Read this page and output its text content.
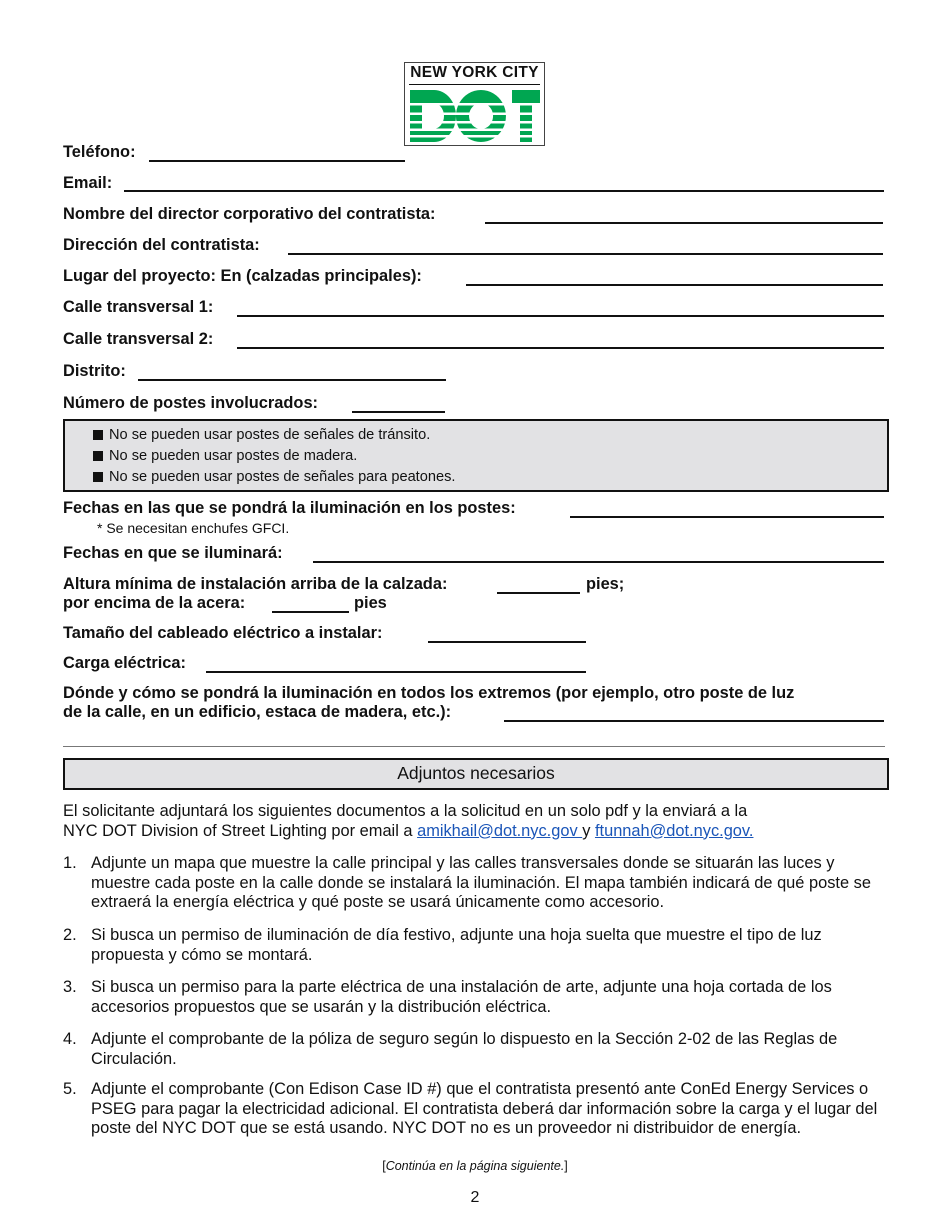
NEW YORK CITY
Teléfono:
Email:
Nombre del director corporativo del contratista:
Dirección del contratista:
Lugar del proyecto: En (calzadas principales):
Calle transversal 1:
Calle transversal 2:
Distrito:
Número de postes involucrados:
No se pueden usar postes de señales de tránsito.
No se pueden usar postes de madera.
No se pueden usar postes de señales para peatones.
Fechas en las que se pondrá la iluminación en los postes:
* Se necesitan enchufes GFCI.
Fechas en que se iluminará:
Altura mínima de instalación arriba de la calzada:	pies;
por encima de la acera:	pies
Tamaño del cableado eléctrico a instalar:
Carga eléctrica:
Dónde y cómo se pondrá la iluminación en todos los extremos (por ejemplo, otro poste de luz
de la calle, en un edificio, estaca de madera, etc.):
Adjuntos necesarios
El solicitante adjuntará los siguientes documentos a la solicitud en un solo pdf y la enviará a la
NYC DOT Division of Street Lighting por email a amikhail@dot.nyc.gov y ftunnah@dot.nyc.gov.
1. Adjunte un mapa que muestre la calle principal y las calles transversales donde se situarán las luces y muestre cada poste en la calle donde se instalará la iluminación. El mapa también indicará de qué poste se extraerá la energía eléctrica y qué poste se usará únicamente como accesorio.
2. Si busca un permiso de iluminación de día festivo, adjunte una hoja suelta que muestre el tipo de luz propuesta y cómo se montará.
3. Si busca un permiso para la parte eléctrica de una instalación de arte, adjunte una hoja cortada de los accesorios propuestos que se usarán y la distribución eléctrica.
4. Adjunte el comprobante de la póliza de seguro según lo dispuesto en la Sección 2-02 de las Reglas de Circulación.
5. Adjunte el comprobante (Con Edison Case ID #) que el contratista presentó ante ConEd Energy Services o PSEG para pagar la electricidad adicional. El contratista deberá dar información sobre la carga y el lugar del poste del NYC DOT que se está usando. NYC DOT no es un proveedor ni distribuidor de energía.
[Continúa en la página siguiente.]
2
